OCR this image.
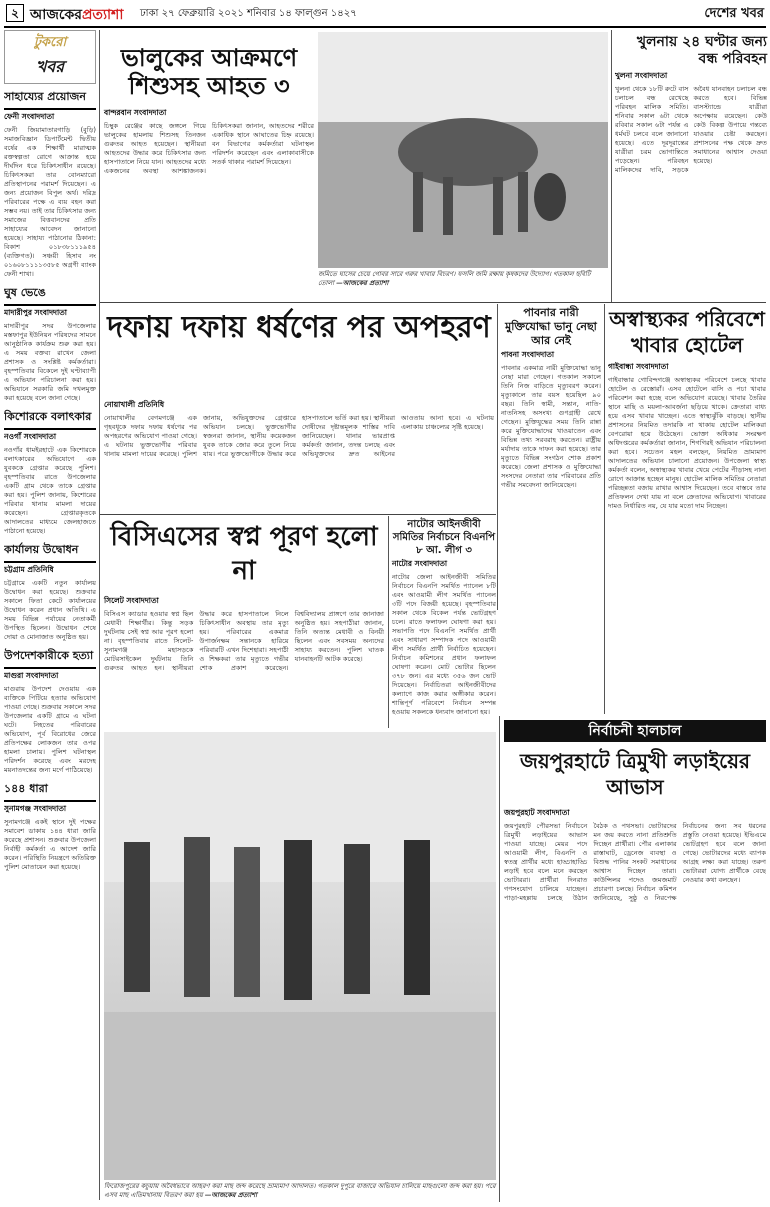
২ আজকেরপ্রত্যাশা ঢাকা ২৭ ফেব্রুয়ারি ২০২১ শনিবার ১৪ ফাল্গুন ১৪২৭	দেশের খবর
টুকরো
খবর
সাহায্যের প্রয়োজন
ফেনী সংবাদদাতা
ফেনী জিয়ামাতারগাড়ি (বুড়ি) সমাজবিজ্ঞান ডিপার্টমেন্ট দ্বিতীয় বর্ষের এক শিক্ষার্থী মারাত্মক রক্তস্বল্পতা রোগে আক্রান্ত হয়ে দীর্ঘদিন ধরে চিকিৎসাধীন রয়েছে। চিকিৎসকরা তার বোনম্যারো প্রতিস্থাপনের পরামর্শ দিয়েছেন। এ জন্য প্রয়োজন বিপুল অর্থ। দরিদ্র পরিবারের পক্ষে এ ব্যয় বহন করা সম্ভব নয়। তাই তার চিকিৎসার জন্য সমাজের বিত্তবানদের প্রতি সাহায্যের আবেদন জানানো হয়েছে। সাহায্য পাঠানোর ঠিকানা: বিকাশ ০১৮৩৮১১১৯৫৪ (ব্যক্তিগত)। সঞ্চয়ী হিসাব নং ০১৬০৮১১১১৩৫৮৫ অগ্রণী ব্যাংক ফেনী শাখা।
ঘুষ ভেঙে
মাদারীপুর সংবাদদাতা
মাদারীপুর সদর উপজেলার মস্তফাপুর ইউনিয়ন পরিষদের সামনে আনুষ্ঠানিক কার্যক্রম শুরু করা হয়। এ সময় বক্তব্য রাখেন জেলা প্রশাসক ও সংশ্লিষ্ট কর্মকর্তারা। বৃহস্পতিবার বিকেলে দুই ঘণ্টাব্যাপী এ অভিযান পরিচালনা করা হয়। অভিযানে সরকারি জমি দখলমুক্ত করা হয়েছে বলে জানা গেছে।
কিশোরকে বলাৎকার
নওগাঁ সংবাদদাতা
নওগাঁর ধামইরহাটে এক কিশোরকে বলাৎকারের অভিযোগে এক যুবককে গ্রেপ্তার করেছে পুলিশ। বৃহস্পতিবার রাতে উপজেলার একটি গ্রাম থেকে তাকে গ্রেপ্তার করা হয়। পুলিশ জানায়, কিশোরের পরিবার থানায় মামলা দায়ের করেছেন। গ্রেপ্তারকৃতকে আদালতের মাধ্যমে জেলহাজতে পাঠানো হয়েছে।
কার্যালয় উদ্বোধন
চট্টগ্রাম প্রতিনিধি
চট্টগ্রামে একটি নতুন কার্যালয় উদ্বোধন করা হয়েছে। শুক্রবার সকালে ফিতা কেটে কার্যালয়ের উদ্বোধন করেন প্রধান অতিথি। এ সময় বিভিন্ন পর্যায়ের নেতাকর্মী উপস্থিত ছিলেন। উদ্বোধন শেষে দোয়া ও মোনাজাত অনুষ্ঠিত হয়।
উপদেশকারীকে হত্যা
মাগুরা সংবাদদাতা
মাগুরায় উপদেশ দেওয়ায় এক ব্যক্তিকে পিটিয়ে হত্যার অভিযোগ পাওয়া গেছে। শুক্রবার সকালে সদর উপজেলার একটি গ্রামে এ ঘটনা ঘটে। নিহতের পরিবারের অভিযোগ, পূর্ব বিরোধের জেরে প্রতিপক্ষের লোকজন তার ওপর হামলা চালায়। পুলিশ ঘটনাস্থল পরিদর্শন করেছে এবং মরদেহ ময়নাতদন্তের জন্য মর্গে পাঠিয়েছে।
১৪৪ ধারা
সুনামগঞ্জ সংবাদদাতা
সুনামগঞ্জে একই স্থানে দুই পক্ষের সমাবেশ ডাকায় ১৪৪ ধারা জারি করেছে প্রশাসন। শুক্রবার উপজেলা নির্বাহী কর্মকর্তা এ আদেশ জারি করেন। পরিস্থিতি নিয়ন্ত্রণে অতিরিক্ত পুলিশ মোতায়েন করা হয়েছে।
ভালুকের আক্রমণে শিশুসহ আহত ৩
বান্দরবান সংবাদদাতা
চিম্বুক রেঞ্জের কাছে জঙ্গলে গিয়ে ভালুকের হামলায় শিশুসহ তিনজন গুরুতর আহত হয়েছেন। স্থানীয়রা আহতদের উদ্ধার করে চিকিৎসার জন্য হাসপাতালে নিয়ে যান। আহতদের মধ্যে একজনের অবস্থা আশঙ্কাজনক। চিকিৎসকরা জানান, আহতদের শরীরে একাধিক স্থানে আঘাতের চিহ্ন রয়েছে। বন বিভাগের কর্মকর্তারা ঘটনাস্থল পরিদর্শন করেছেন এবং এলাকাবাসীকে সতর্ক থাকার পরামর্শ দিয়েছেন।
জমিতে ঘাসের চেয়ে গোবর সারে গরুর খাবার বিচরণ। ফসলি জমি রক্ষায় কৃষকদের উদ্যোগ। গতকাল ছবিটি তোলা —আজকের প্রত্যাশা
খুলনায় ২৪ ঘণ্টার জন্য বন্ধ পরিবহন
খুলনা সংবাদদাতা
খুলনা থেকে ১৮টি রুটে বাস চলাচল বন্ধ রেখেছে পরিবহন মালিক সমিতি। শনিবার সকাল ৬টা থেকে রবিবার সকাল ৬টা পর্যন্ত এ ধর্মঘট চলবে বলে জানানো হয়েছে। এতে দূরদূরান্তের যাত্রীরা চরম ভোগান্তিতে পড়েছেন। পরিবহন মালিকদের দাবি, সড়কে অবৈধ যানবাহন চলাচল বন্ধ করতে হবে। বিভিন্ন বাসস্ট্যান্ডে যাত্রীরা অপেক্ষায় রয়েছেন। কেউ কেউ বিকল্প উপায়ে গন্তব্যে যাওয়ার চেষ্টা করছেন। প্রশাসনের পক্ষ থেকে দ্রুত সমাধানের আশ্বাস দেওয়া হয়েছে।
দফায় দফায় ধর্ষণের পর অপহরণ
নোয়াখালী প্রতিনিধি
নোয়াখালীর বেগমগঞ্জে এক গৃহবধূকে দফায় দফায় ধর্ষণের পর অপহরণের অভিযোগ পাওয়া গেছে। এ ঘটনায় ভুক্তভোগীর পরিবার থানায় মামলা দায়ের করেছে। পুলিশ জানায়, অভিযুক্তদের গ্রেপ্তারে অভিযান চলছে। ভুক্তভোগীর স্বজনরা জানান, স্থানীয় কয়েকজন যুবক তাকে জোর করে তুলে নিয়ে যায়। পরে ভুক্তভোগীকে উদ্ধার করে হাসপাতালে ভর্তি করা হয়। স্থানীয়রা দোষীদের দৃষ্টান্তমূলক শাস্তির দাবি জানিয়েছেন। থানার ভারপ্রাপ্ত কর্মকর্তা জানান, তদন্ত চলছে এবং অভিযুক্তদের দ্রুত আইনের আওতায় আনা হবে। এ ঘটনায় এলাকায় চাঞ্চল্যের সৃষ্টি হয়েছে।
পাবনার নারী মুক্তিযোদ্ধা ভানু নেছা আর নেই
পাবনা সংবাদদাতা
পাবনার একমাত্র নারী মুক্তিযোদ্ধা ভানু নেছা মারা গেছেন। গতকাল সকালে তিনি নিজ বাড়িতে মৃত্যুবরণ করেন। মৃত্যুকালে তার বয়স হয়েছিল ৯০ বছর। তিনি স্বামী, সন্তান, নাতি-নাতনিসহ অসংখ্য গুণগ্রাহী রেখে গেছেন। মুক্তিযুদ্ধের সময় তিনি রান্না করে মুক্তিযোদ্ধাদের খাওয়াতেন এবং বিভিন্ন তথ্য সরবরাহ করতেন। রাষ্ট্রীয় মর্যাদায় তাকে দাফন করা হয়েছে। তার মৃত্যুতে বিভিন্ন সংগঠন শোক প্রকাশ করেছে। জেলা প্রশাসক ও মুক্তিযোদ্ধা সংসদের নেতারা তার পরিবারের প্রতি গভীর সমবেদনা জানিয়েছেন।
অস্বাস্থ্যকর পরিবেশে খাবার হোটেল
গাইবান্ধা সংবাদদাতা
গাইবান্ধার গোবিন্দগঞ্জে অস্বাস্থ্যকর পরিবেশে চলছে খাবার হোটেল ও রেস্তোরাঁ। এসব হোটেলে বাসি ও পচা খাবার পরিবেশন করা হচ্ছে বলে অভিযোগ রয়েছে। খাবার তৈরির স্থানে মাছি ও ময়লা-আবর্জনা ছড়িয়ে থাকে। ক্রেতারা বাধ্য হয়ে এসব খাবার খাচ্ছেন। এতে স্বাস্থ্যঝুঁকি বাড়ছে। স্থানীয় প্রশাসনের নিয়মিত তদারকি না থাকায় হোটেল মালিকরা বেপরোয়া হয়ে উঠেছেন। ভোক্তা অধিকার সংরক্ষণ অধিদপ্তরের কর্মকর্তারা জানান, শিগগিরই অভিযান পরিচালনা করা হবে। সচেতন মহল বলছেন, নিয়মিত ভ্রাম্যমাণ আদালতের অভিযান চালানো প্রয়োজন। উপজেলা স্বাস্থ্য কর্মকর্তা বলেন, অস্বাস্থ্যকর খাবার খেয়ে পেটের পীড়াসহ নানা রোগে আক্রান্ত হচ্ছেন মানুষ। হোটেল মালিক সমিতির নেতারা পরিচ্ছন্নতা বজায় রাখার আশ্বাস দিয়েছেন। তবে বাস্তবে তার প্রতিফলন দেখা যায় না বলে ক্রেতাদের অভিযোগ। খাবারের দামও নির্ধারিত নয়, যে যার মতো দাম নিচ্ছেন।
বিসিএসের স্বপ্ন পূরণ হলো না
সিলেট সংবাদদাতা
বিসিএস ক্যাডার হওয়ার স্বপ্ন ছিল মেধাবী শিক্ষার্থীর। কিন্তু সড়ক দুর্ঘটনায় সেই স্বপ্ন আর পূরণ হলো না। বৃহস্পতিবার রাতে সিলেট-সুনামগঞ্জ মহাসড়কে মোটরসাইকেল দুর্ঘটনায় তিনি গুরুতর আহত হন। স্থানীয়রা উদ্ধার করে হাসপাতালে নিলে চিকিৎসাধীন অবস্থায় তার মৃত্যু হয়। পরিবারের একমাত্র উপার্জনক্ষম সন্তানকে হারিয়ে পরিবারটি এখন দিশেহারা। সহপাঠী ও শিক্ষকরা তার মৃত্যুতে গভীর শোক প্রকাশ করেছেন। বিশ্ববিদ্যালয় প্রাঙ্গণে তার জানাজা অনুষ্ঠিত হয়। সহপাঠীরা জানান, তিনি অত্যন্ত মেধাবী ও বিনয়ী ছিলেন এবং সবসময় অন্যদের সাহায্য করতেন। পুলিশ ঘাতক যানবাহনটি আটক করেছে।
নাটোর আইনজীবী সমিতির নির্বাচনে বিএনপি ৮ আ. লীগ ৩
নাটোর সংবাদদাতা
নাটোর জেলা আইনজীবী সমিতির নির্বাচনে বিএনপি সমর্থিত প্যানেল ৮টি এবং আওয়ামী লীগ সমর্থিত প্যানেল ৩টি পদে বিজয়ী হয়েছে। বৃহস্পতিবার সকাল থেকে বিকেল পর্যন্ত ভোটগ্রহণ চলে। রাতে ফলাফল ঘোষণা করা হয়। সভাপতি পদে বিএনপি সমর্থিত প্রার্থী এবং সাধারণ সম্পাদক পদে আওয়ামী লীগ সমর্থিত প্রার্থী নির্বাচিত হয়েছেন। নির্বাচন কমিশনের প্রধান ফলাফল ঘোষণা করেন। মোট ভোটার ছিলেন ৩৭৮ জন। এর মধ্যে ৩৫৬ জন ভোট দিয়েছেন। নির্বাচিতরা আইনজীবীদের কল্যাণে কাজ করার অঙ্গীকার করেন। শান্তিপূর্ণ পরিবেশে নির্বাচন সম্পন্ন হওয়ায় সকলকে ধন্যবাদ জানানো হয়।
ফিরোজপুরের কচুয়ায় অবৈধভাবে আহরণ করা মাছ জব্দ করেছে ভ্রাম্যমাণ আদালত। গতকাল দুপুরে বাজারে অভিযান চালিয়ে মাছগুলো জব্দ করা হয়। পরে এসব মাছ এতিমখানায় বিতরণ করা হয় —আজকের প্রত্যাশা
নির্বাচনী হালচাল
জয়পুরহাটে ত্রিমুখী লড়াইয়ের আভাস
জয়পুরহাট সংবাদদাতা
জয়পুরহাট পৌরসভা নির্বাচনে ত্রিমুখী লড়াইয়ের আভাস পাওয়া যাচ্ছে। মেয়র পদে আওয়ামী লীগ, বিএনপি ও স্বতন্ত্র প্রার্থীর মধ্যে হাড্ডাহাড্ডি লড়াই হবে বলে মনে করছেন ভোটাররা। প্রার্থীরা দিনরাত গণসংযোগ চালিয়ে যাচ্ছেন। পাড়া-মহল্লায় চলছে উঠান বৈঠক ও পথসভা। ভোটারদের মন জয় করতে নানা প্রতিশ্রুতি দিচ্ছেন প্রার্থীরা। পৌর এলাকার রাস্তাঘাট, ড্রেনেজ ব্যবস্থা ও বিশুদ্ধ পানির সংকট সমাধানের আশ্বাস দিচ্ছেন তারা। কাউন্সিলর পদেও জমজমাট প্রচারণা চলছে। নির্বাচন কমিশন জানিয়েছে, সুষ্ঠু ও নিরপেক্ষ নির্বাচনের জন্য সব ধরনের প্রস্তুতি নেওয়া হয়েছে। ইভিএমে ভোটগ্রহণ হবে বলে জানা গেছে। ভোটারদের মধ্যে ব্যাপক আগ্রহ লক্ষ্য করা যাচ্ছে। তরুণ ভোটাররা যোগ্য প্রার্থীকে বেছে নেওয়ার কথা বলছেন।
